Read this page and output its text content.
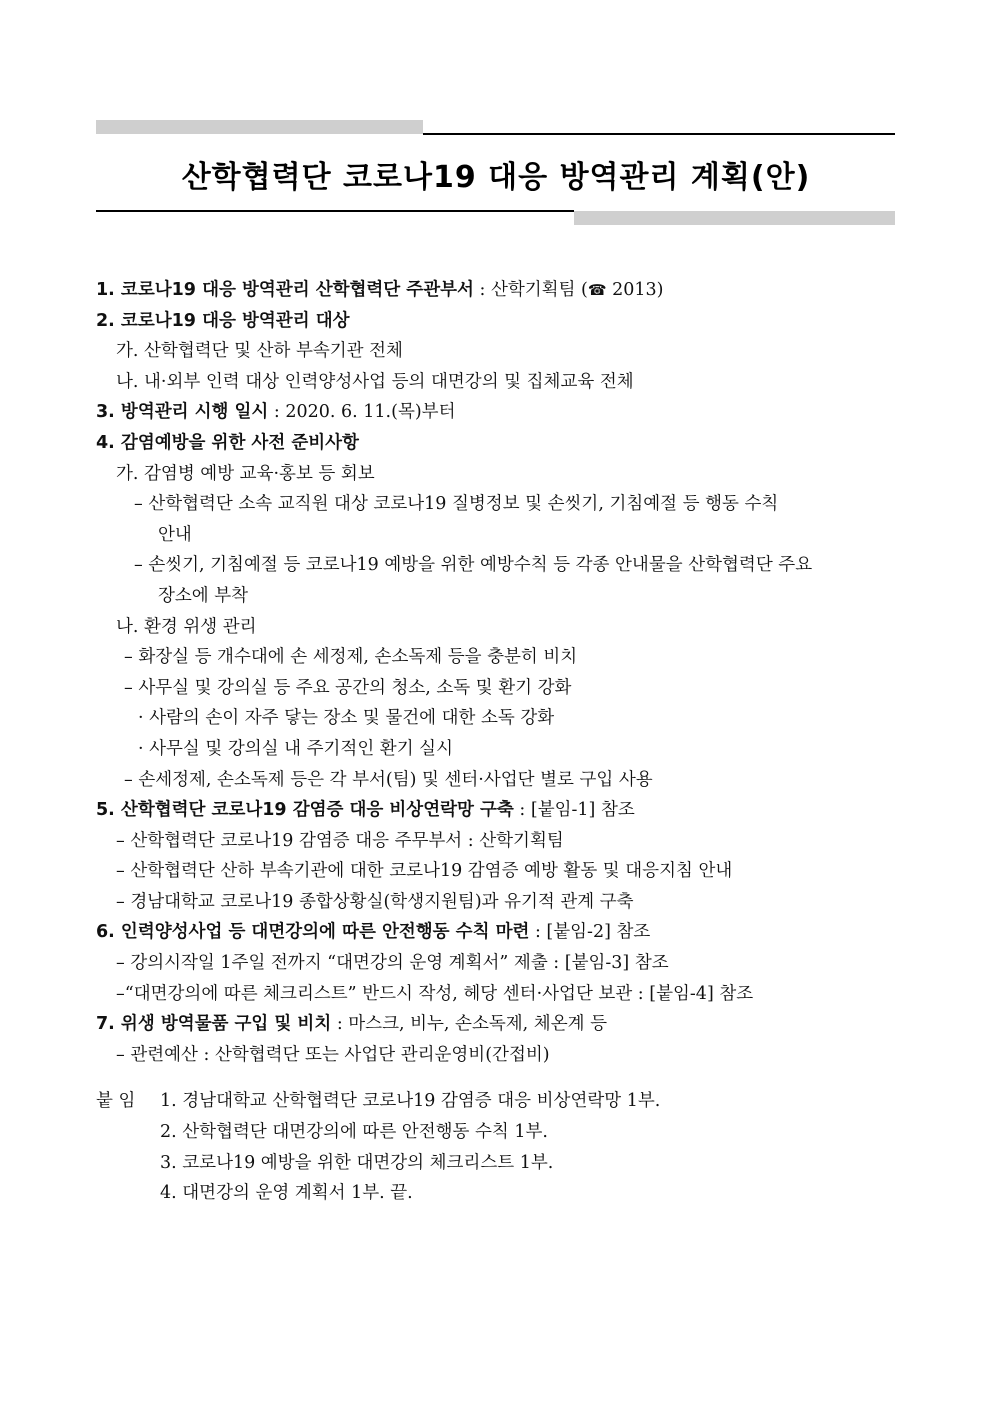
산학협력단 코로나19 대응 방역관리 계획(안)
1. 코로나19 대응 방역관리 산학협력단 주관부서 : 산학기획팀 (☎ 2013)
2. 코로나19 대응 방역관리 대상
가. 산학협력단 및 산하 부속기관 전체
나. 내·외부 인력 대상 인력양성사업 등의 대면강의 및 집체교육 전체
3. 방역관리 시행 일시 : 2020. 6. 11.(목)부터
4. 감염예방을 위한 사전 준비사항
가. 감염병 예방 교육·홍보 등 회보
– 산학협력단 소속 교직원 대상 코로나19 질병정보 및 손씻기, 기침예절 등 행동 수칙
안내
– 손씻기, 기침예절 등 코로나19 예방을 위한 예방수칙 등 각종 안내물을 산학협력단 주요
장소에 부착
나. 환경 위생 관리
– 화장실 등 개수대에 손 세정제, 손소독제 등을 충분히 비치
– 사무실 및 강의실 등 주요 공간의 청소, 소독 및 환기 강화
· 사람의 손이 자주 닿는 장소 및 물건에 대한 소독 강화
· 사무실 및 강의실 내 주기적인 환기 실시
– 손세정제, 손소독제 등은 각 부서(팀) 및 센터·사업단 별로 구입 사용
5. 산학협력단 코로나19 감염증 대응 비상연락망 구축 : [붙임-1] 참조
– 산학협력단 코로나19 감염증 대응 주무부서 : 산학기획팀
– 산학협력단 산하 부속기관에 대한 코로나19 감염증 예방 활동 및 대응지침 안내
– 경남대학교 코로나19 종합상황실(학생지원팀)과 유기적 관계 구축
6. 인력양성사업 등 대면강의에 따른 안전행동 수칙 마련 : [붙임-2] 참조
– 강의시작일 1주일 전까지 “대면강의 운영 계획서” 제출 : [붙임-3] 참조
–“대면강의에 따른 체크리스트” 반드시 작성, 헤당 센터·사업단 보관 : [붙임-4] 참조
7. 위생 방역물품 구입 및 비치 : 마스크, 비누, 손소독제, 체온계 등
– 관련예산 : 산학협력단 또는 사업단 관리운영비(간접비)
붙 임	1. 경남대학교 산학협력단 코로나19 감염증 대응 비상연락망 1부.
2. 산학협력단 대면강의에 따른 안전행동 수칙 1부.
3. 코로나19 예방을 위한 대면강의 체크리스트 1부.
4. 대면강의 운영 계획서 1부. 끝.
